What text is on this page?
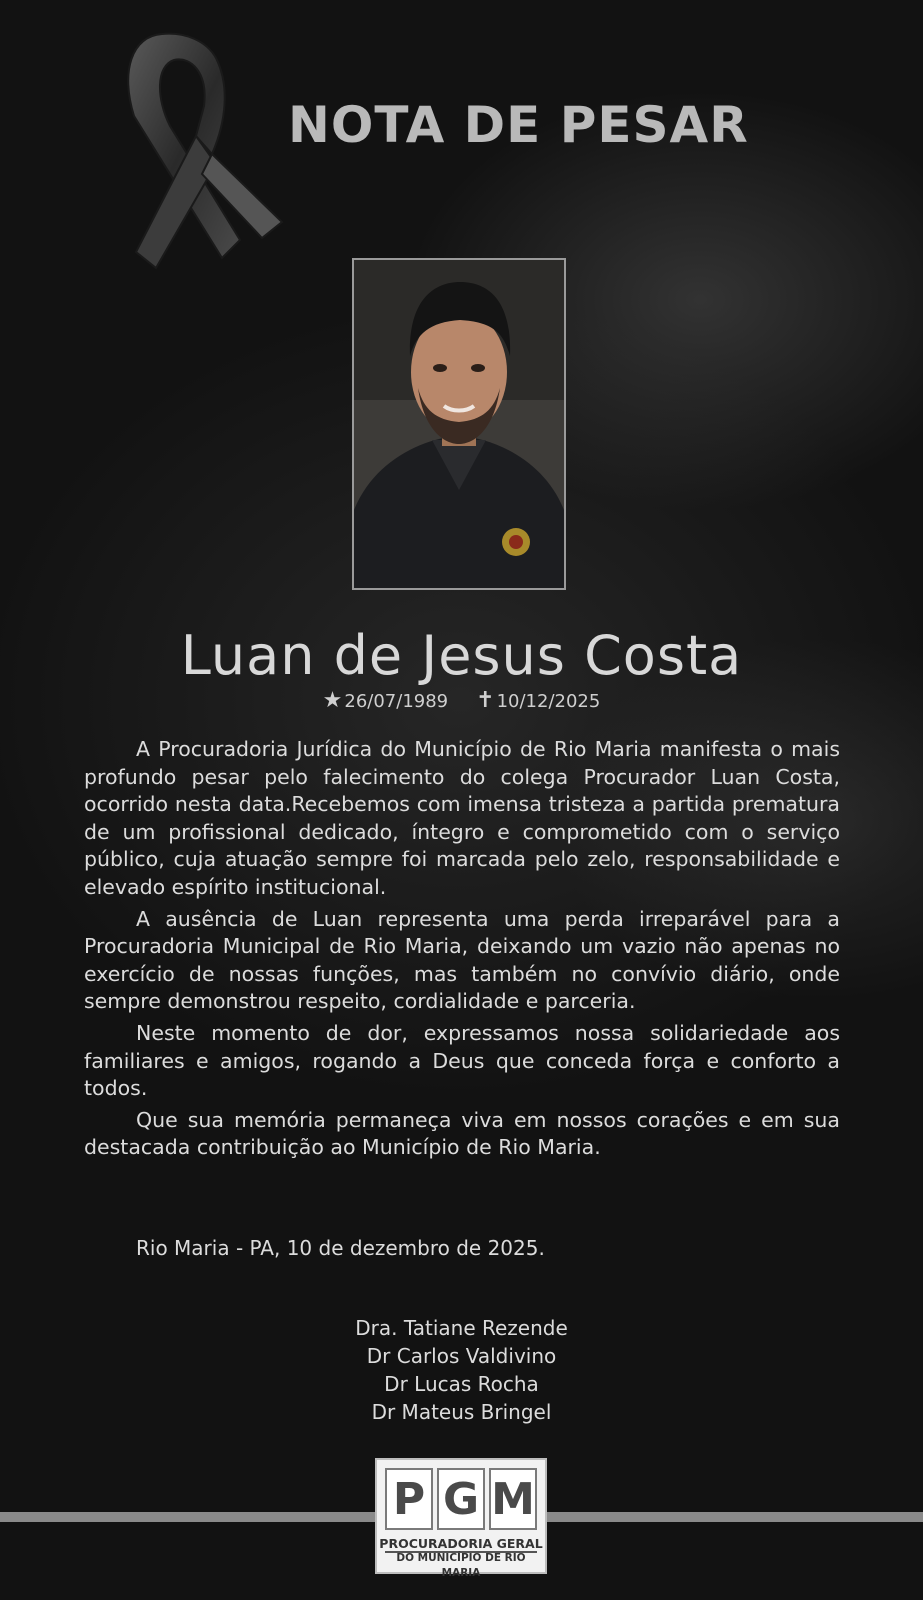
NOTA DE PESAR
Luan de Jesus Costa
★ 26/07/1989 ✝ 10/12/2025

A Procuradoria Jurídica do Município de Rio Maria manifesta o mais profundo pesar pelo falecimento do colega Procurador Luan Costa, ocorrido nesta data.Recebemos com imensa tristeza a partida prematura de um profissional dedicado, íntegro e comprometido com o serviço público, cuja atuação sempre foi marcada pelo zelo, responsabilidade e elevado espírito institucional.

A ausência de Luan representa uma perda irreparável para a Procuradoria Municipal de Rio Maria, deixando um vazio não apenas no exercício de nossas funções, mas também no convívio diário, onde sempre demonstrou respeito, cordialidade e parceria.

Neste momento de dor, expressamos nossa solidariedade aos familiares e amigos, rogando a Deus que conceda força e conforto a todos.

Que sua memória permaneça viva em nossos corações e em sua destacada contribuição ao Município de Rio Maria.

Rio Maria - PA, 10 de dezembro de 2025.
Dra. Tatiane Rezende
Dr Carlos Valdivino
Dr Lucas Rocha
Dr Mateus Bringel
P G M
PROCURADORIA GERAL
DO MUNICÍPIO DE RIO MARIA
